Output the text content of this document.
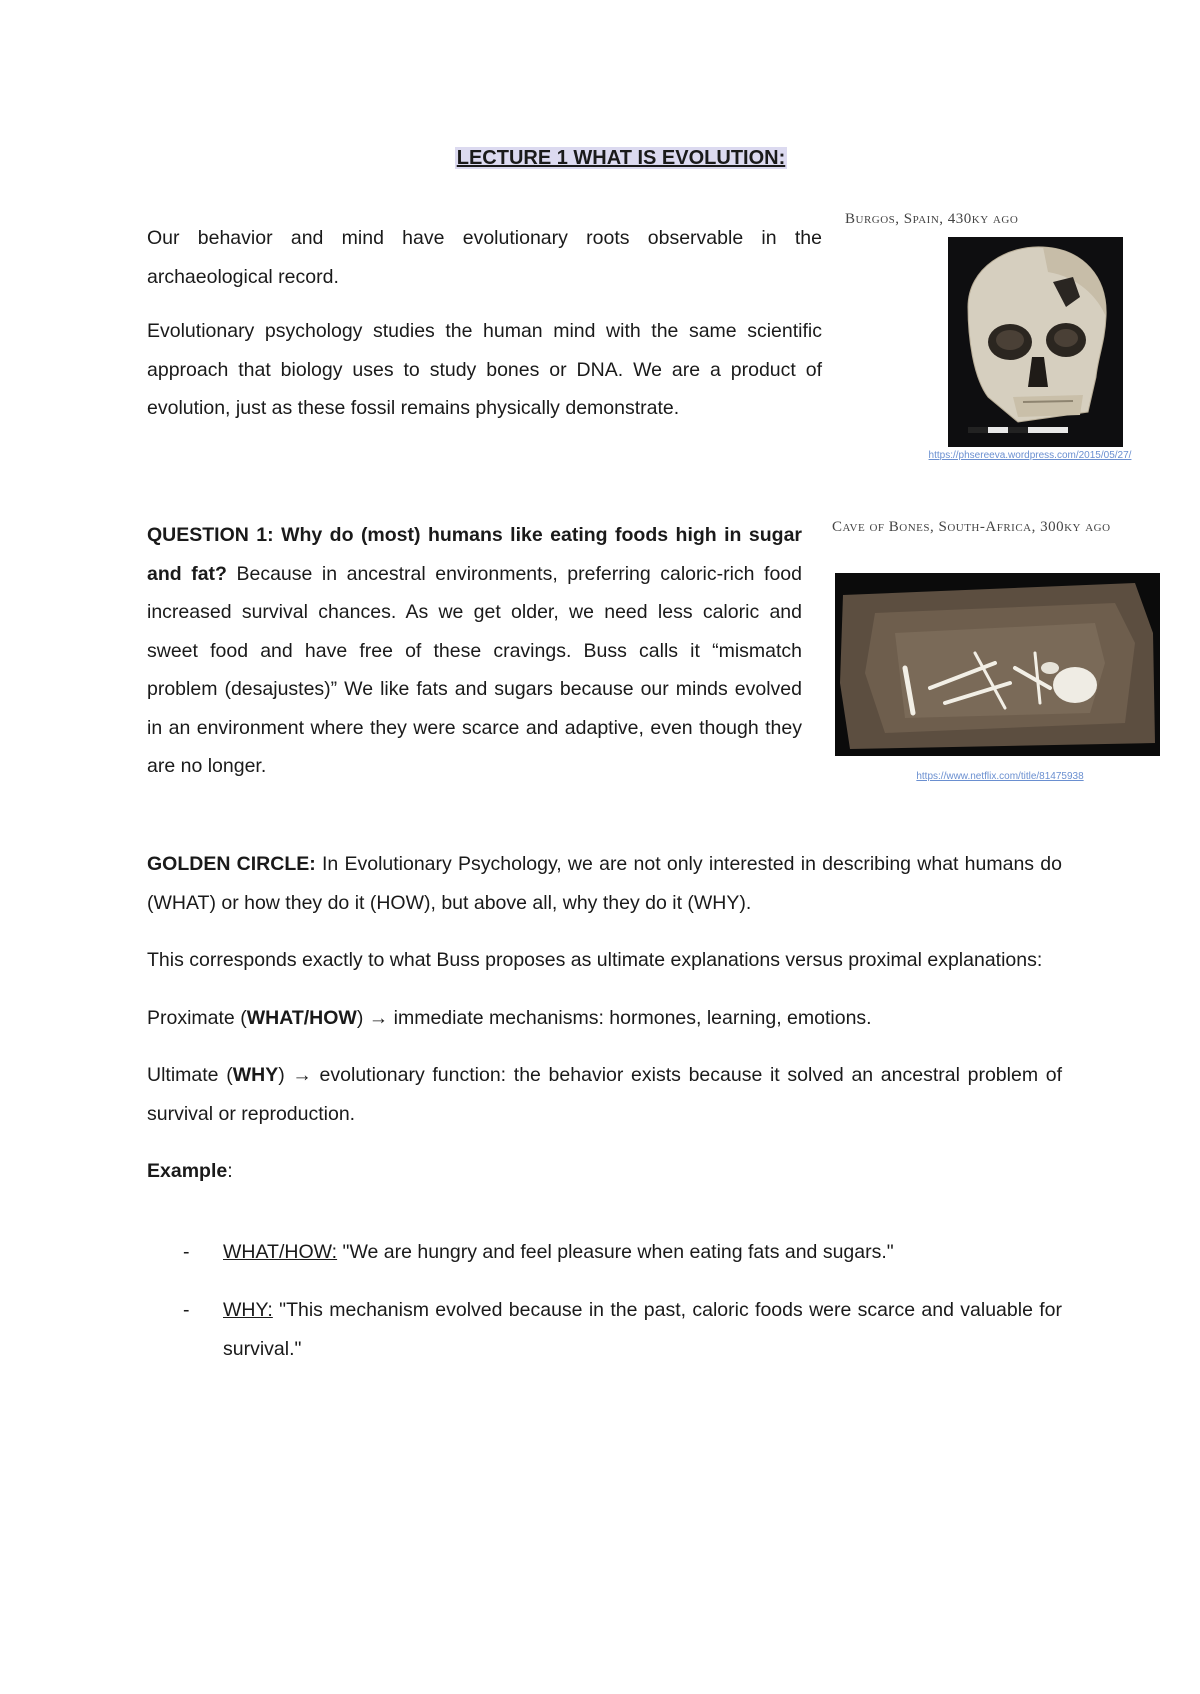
LECTURE 1 WHAT IS EVOLUTION:

Our behavior and mind have evolutionary roots observable in the archaeological record.

Evolutionary psychology studies the human mind with the same scientific approach that biology uses to study bones or DNA. We are a product of evolution, just as these fossil remains physically demonstrate.

Burgos, Spain, 430ky ago
https://phsereeva.wordpress.com/2015/05/27/

QUESTION 1: Why do (most) humans like eating foods high in sugar and fat? Because in ancestral environments, preferring caloric-rich food increased survival chances. As we get older, we need less caloric and sweet food and have free of these cravings. Buss calls it “mismatch problem (desajustes)” We like fats and sugars because our minds evolved in an environment where they were scarce and adaptive, even though they are no longer.

Cave of Bones, South-Africa, 300ky ago
https://www.netflix.com/title/81475938

GOLDEN CIRCLE: In Evolutionary Psychology, we are not only interested in describing what humans do (WHAT) or how they do it (HOW), but above all, why they do it (WHY).

This corresponds exactly to what Buss proposes as ultimate explanations versus proximal explanations:

Proximate (WHAT/HOW) → immediate mechanisms: hormones, learning, emotions.

Ultimate (WHY) → evolutionary function: the behavior exists because it solved an ancestral problem of survival or reproduction.

Example:

- WHAT/HOW: "We are hungry and feel pleasure when eating fats and sugars."
- WHY: "This mechanism evolved because in the past, caloric foods were scarce and valuable for survival."
